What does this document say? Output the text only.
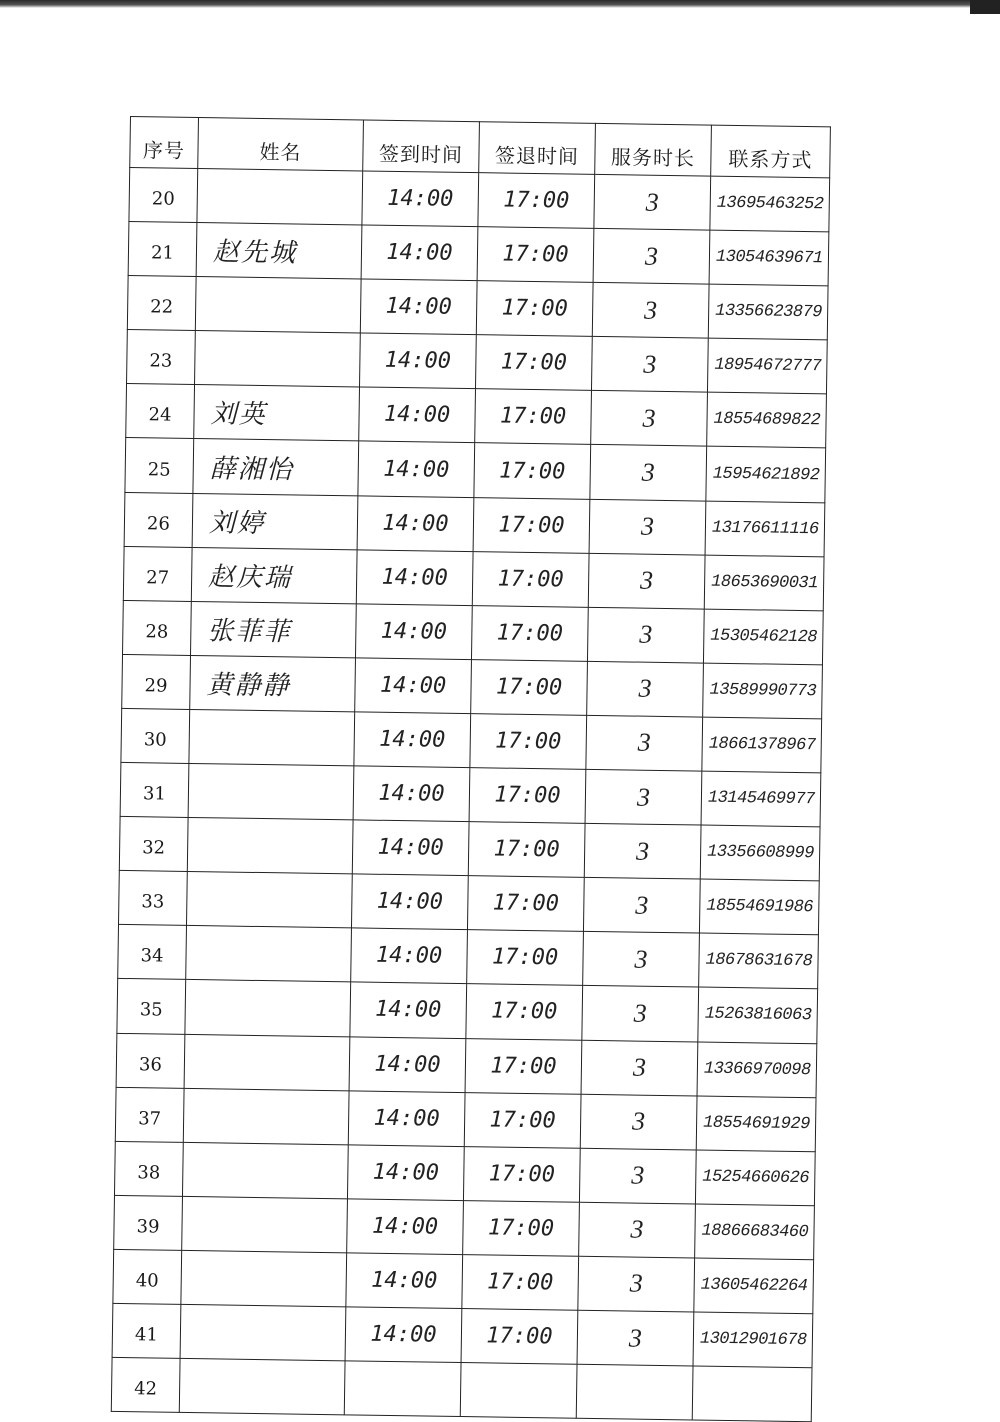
序号	姓名	签到时间	签退时间	服务时长	联系方式
20		14:00	17:00	3	13695463252
21	赵先城	14:00	17:00	3	13054639671
22		14:00	17:00	3	13356623879
23		14:00	17:00	3	18954672777
24	刘英	14:00	17:00	3	18554689822
25	薛湘怡	14:00	17:00	3	15954621892
26	刘婷	14:00	17:00	3	13176611116
27	赵庆瑞	14:00	17:00	3	18653690031
28	张菲菲	14:00	17:00	3	15305462128
29	黄静静	14:00	17:00	3	13589990773
30		14:00	17:00	3	18661378967
31		14:00	17:00	3	13145469977
32		14:00	17:00	3	13356608999
33		14:00	17:00	3	18554691986
34		14:00	17:00	3	18678631678
35		14:00	17:00	3	15263816063
36		14:00	17:00	3	13366970098
37		14:00	17:00	3	18554691929
38		14:00	17:00	3	15254660626
39		14:00	17:00	3	18866683460
40		14:00	17:00	3	13605462264
41		14:00	17:00	3	13012901678
42					
